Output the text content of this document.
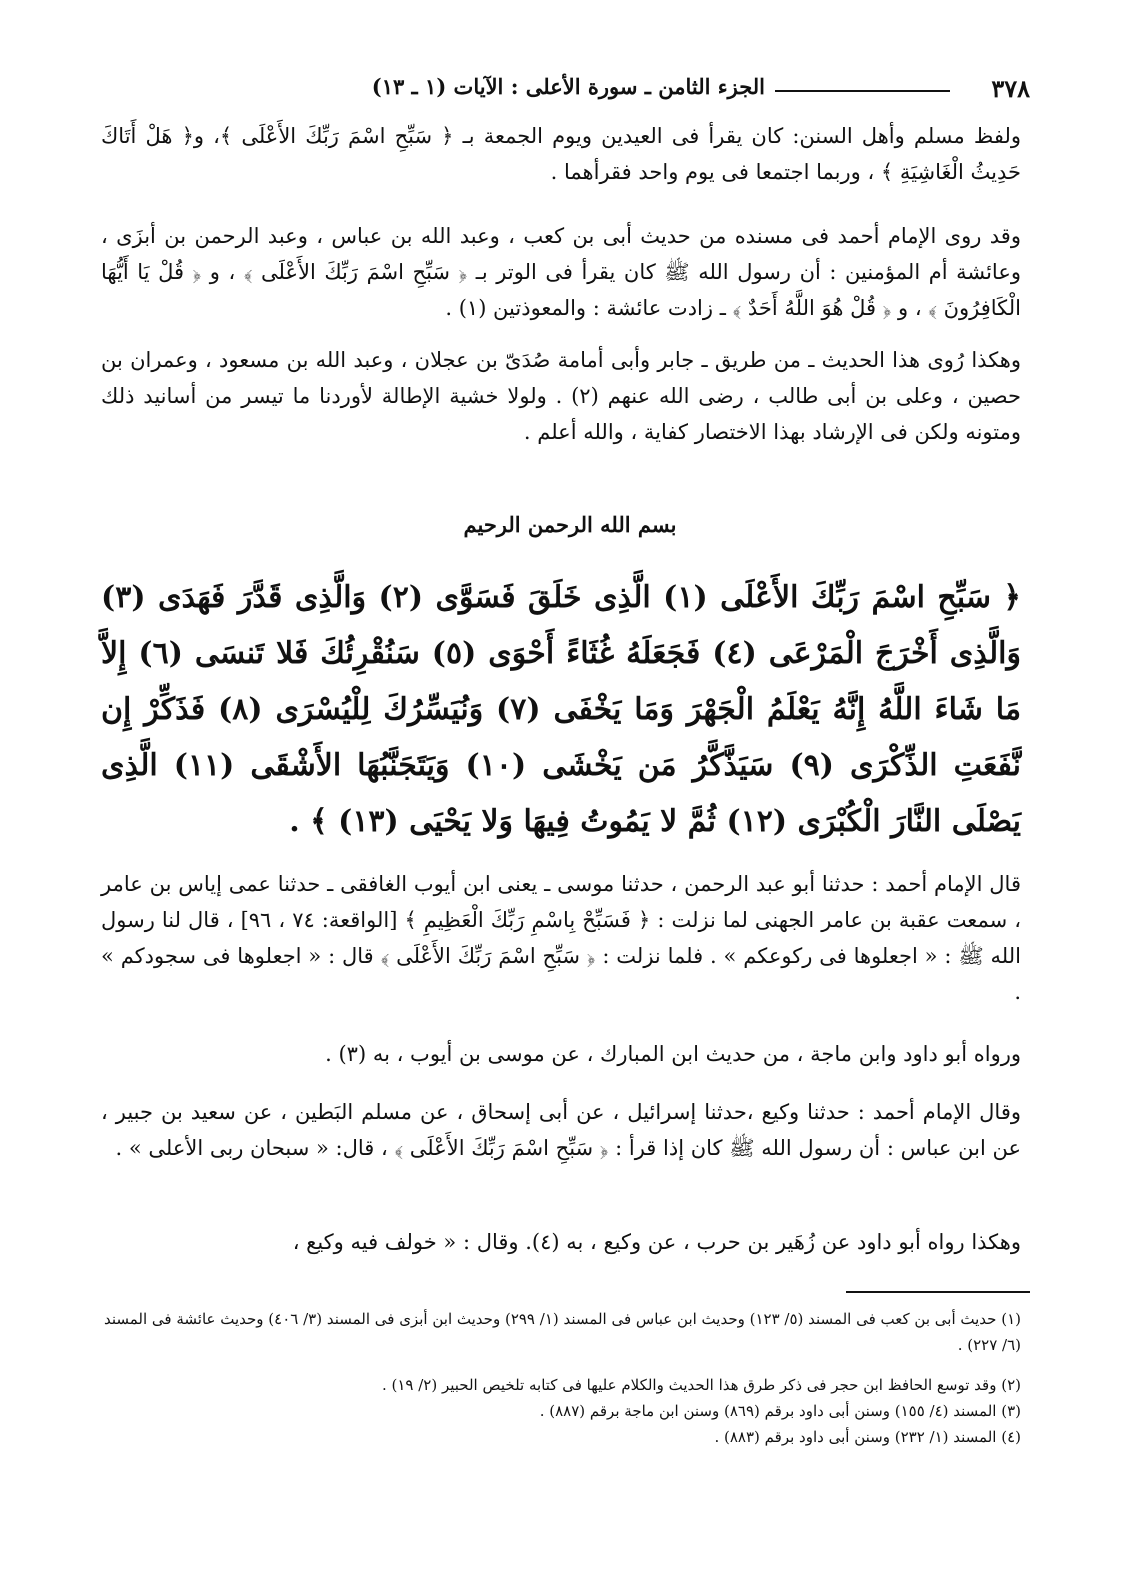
٣٧٨
الجزء الثامن ـ سورة الأعلى : الآيات (١ ـ ١٣)

ولفظ مسلم وأهل السنن: كان يقرأ فى العيدين ويوم الجمعة بـ ﴿ سَبِّحِ اسْمَ رَبِّكَ الأَعْلَى ﴾، و﴿ هَلْ أَتَاكَ حَدِيثُ الْغَاشِيَةِ ﴾ ، وربما اجتمعا فى يوم واحد فقرأهما .

وقد روى الإمام أحمد فى مسنده من حديث أبى بن كعب ، وعبد الله بن عباس ، وعبد الرحمن بن أبزَى ، وعائشة أم المؤمنين : أن رسول الله ﷺ كان يقرأ فى الوتر بـ ﴿ سَبِّحِ اسْمَ رَبِّكَ الأَعْلَى ﴾ ، و ﴿ قُلْ يَا أَيُّهَا الْكَافِرُونَ ﴾ ، و ﴿ قُلْ هُوَ اللَّهُ أَحَدٌ ﴾ ـ زادت عائشة : والمعوذتين (١) .

وهكذا رُوى هذا الحديث ـ من طريق ـ جابر وأبى أمامة صُدَىّ بن عجلان ، وعبد الله بن مسعود ، وعمران بن حصين ، وعلى بن أبى طالب ، رضى الله عنهم (٢) . ولولا خشية الإطالة لأوردنا ما تيسر من أسانيد ذلك ومتونه ولكن فى الإرشاد بهذا الاختصار كفاية ، والله أعلم .

بسم الله الرحمن الرحيم

﴿ سَبِّحِ اسْمَ رَبِّكَ الأَعْلَى (١) الَّذِى خَلَقَ فَسَوَّى (٢) وَالَّذِى قَدَّرَ فَهَدَى (٣) وَالَّذِى أَخْرَجَ الْمَرْعَى (٤) فَجَعَلَهُ غُثَاءً أَحْوَى (٥) سَنُقْرِئُكَ فَلا تَنسَى (٦) إِلاَّ مَا شَاءَ اللَّهُ إِنَّهُ يَعْلَمُ الْجَهْرَ وَمَا يَخْفَى (٧) وَنُيَسِّرُكَ لِلْيُسْرَى (٨) فَذَكِّرْ إِن نَّفَعَتِ الذِّكْرَى (٩) سَيَذَّكَّرُ مَن يَخْشَى (١٠) وَيَتَجَنَّبُهَا الأَشْقَى (١١) الَّذِى يَصْلَى النَّارَ الْكُبْرَى (١٢) ثُمَّ لا يَمُوتُ فِيهَا وَلا يَحْيَى (١٣) ﴾ .

قال الإمام أحمد : حدثنا أبو عبد الرحمن ، حدثنا موسى ـ يعنى ابن أيوب الغافقى ـ حدثنا عمى إياس بن عامر ، سمعت عقبة بن عامر الجهنى لما نزلت : ﴿ فَسَبِّحْ بِاسْمِ رَبِّكَ الْعَظِيمِ ﴾ [الواقعة: ٧٤ ، ٩٦] ، قال لنا رسول الله ﷺ : « اجعلوها فى ركوعكم » . فلما نزلت : ﴿ سَبِّحِ اسْمَ رَبِّكَ الأَعْلَى ﴾ قال : « اجعلوها فى سجودكم » .

ورواه أبو داود وابن ماجة ، من حديث ابن المبارك ، عن موسى بن أيوب ، به (٣) .

وقال الإمام أحمد : حدثنا وكيع ،حدثنا إسرائيل ، عن أبى إسحاق ، عن مسلم البَطين ، عن سعيد بن جبير ، عن ابن عباس : أن رسول الله ﷺ كان إذا قرأ : ﴿ سَبِّحِ اسْمَ رَبِّكَ الأَعْلَى ﴾ ، قال: « سبحان ربى الأعلى » .

وهكذا رواه أبو داود عن زُهَير بن حرب ، عن وكيع ، به (٤). وقال : « خولف فيه وكيع ،

(١) حديث أبى بن كعب فى المسند (٥/ ١٢٣) وحديث ابن عباس فى المسند (١/ ٢٩٩) وحديث ابن أبزى فى المسند (٣/ ٤٠٦) وحديث عائشة فى المسند (٦/ ٢٢٧) .

(٢) وقد توسع الحافظ ابن حجر فى ذكر طرق هذا الحديث والكلام عليها فى كتابه تلخيص الحبير (٢/ ١٩) .

(٣) المسند (٤/ ١٥٥) وسنن أبى داود برقم (٨٦٩) وسنن ابن ماجة برقم (٨٨٧) .

(٤) المسند (١/ ٢٣٢) وسنن أبى داود برقم (٨٨٣) .
